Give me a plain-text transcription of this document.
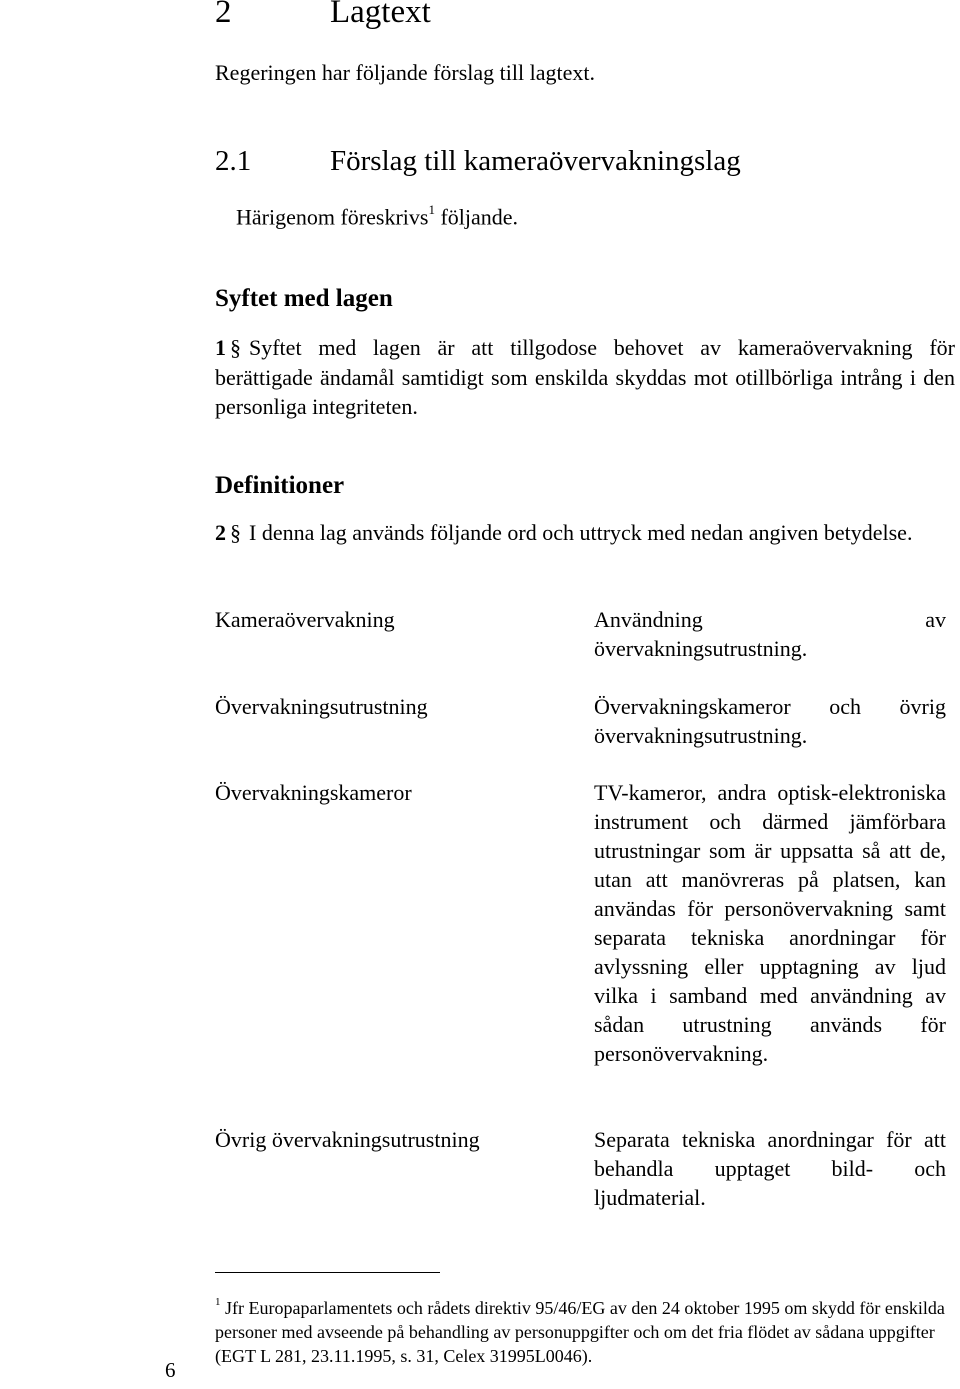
2	Lagtext
Regeringen har följande förslag till lagtext.
2.1	Förslag till kameraövervakningslag
Härigenom föreskrivs$^1$ följande.
Syftet med lagen
1 § Syftet med lagen är att tillgodose behovet av kameraövervakning för berättigade ändamål samtidigt som enskilda skyddas mot otillbörliga intrång i den personliga integriteten.
Definitioner
2 § I denna lag används följande ord och uttryck med nedan angiven betydelse.
Kameraövervakning	Användning av övervakningsutrustning.
Övervakningsutrustning	Övervakningskameror och övrig övervakningsutrustning.
Övervakningskameror	TV-kameror, andra optisk-elektroniska instrument och därmed jämförbara utrustningar som är uppsatta så att de, utan att manövreras på platsen, kan användas för personövervakning samt separata tekniska anordningar för avlyssning eller upptagning av ljud vilka i samband med användning av sådan utrustning används för personövervakning.
Övrig övervakningsutrustning	Separata tekniska anordningar för att behandla upptaget bild- och ljudmaterial.
$^1$ Jfr Europaparlamentets och rådets direktiv 95/46/EG av den 24 oktober 1995 om skydd för enskilda personer med avseende på behandling av personuppgifter och om det fria flödet av sådana uppgifter (EGT L 281, 23.11.1995, s. 31, Celex 31995L0046).
6
